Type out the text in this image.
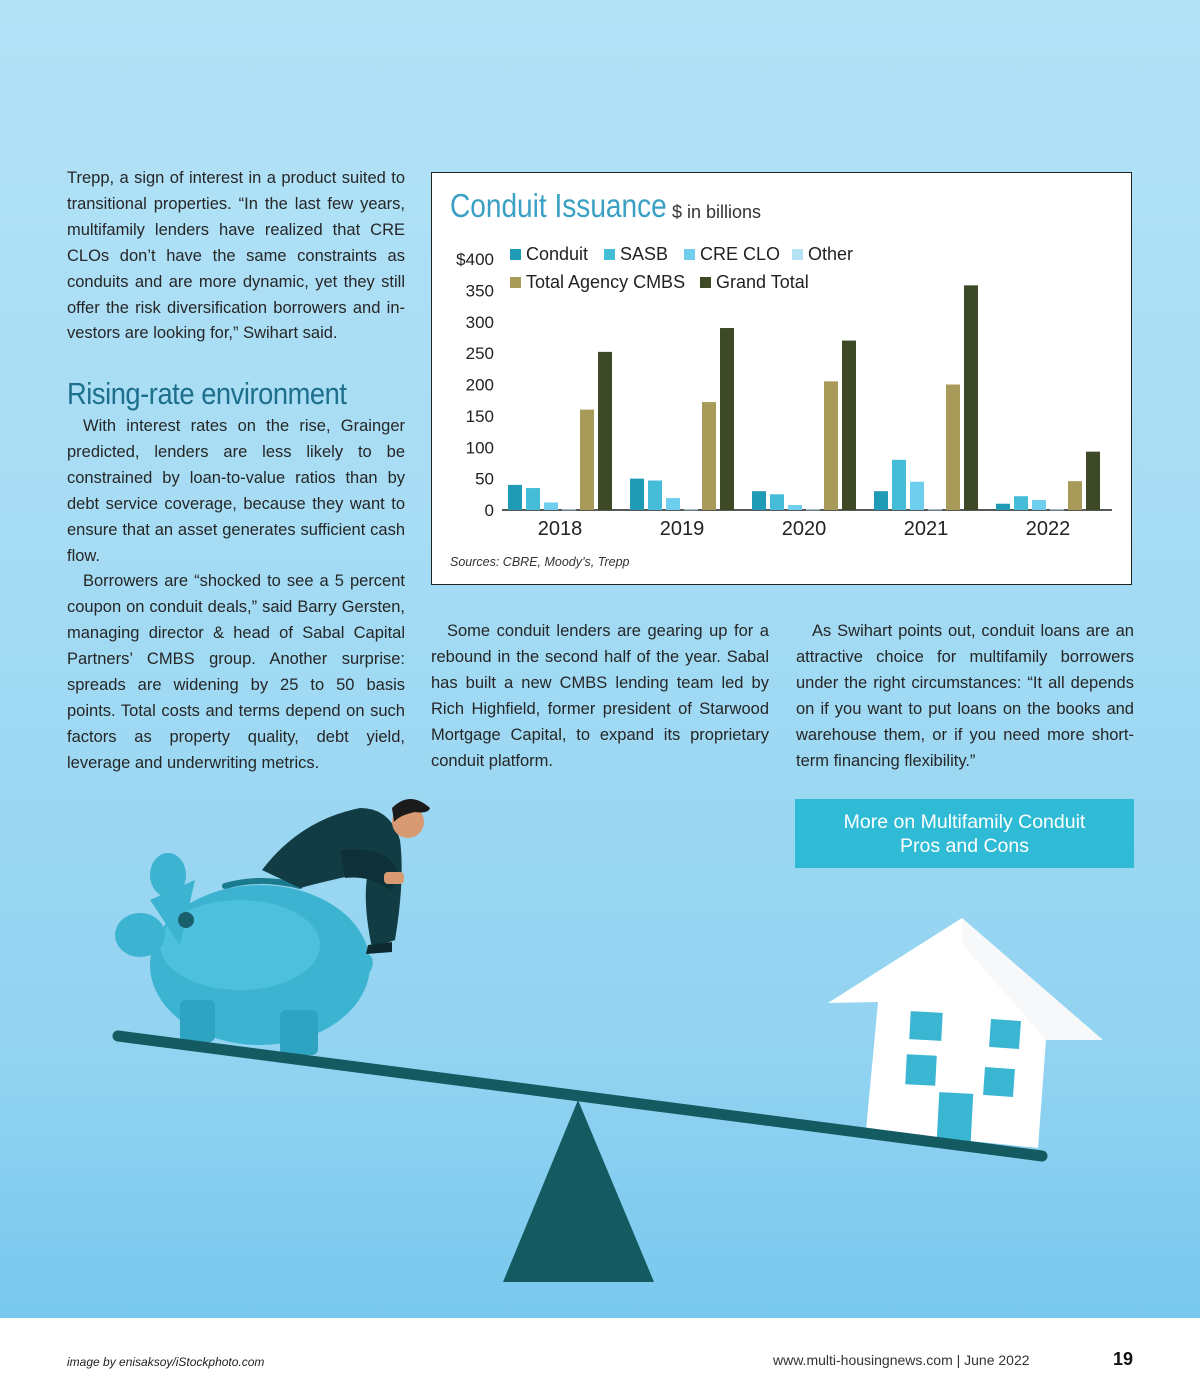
Trepp, a sign of interest in a product suited to transitional properties. “In the last few years, multifamily lenders have realized that CRE CLOs don’t have the same constraints as conduits and are more dynamic, yet they still offer the risk diversification borrowers and in-vestors are looking for,” Swihart said.

Rising-rate environment

With interest rates on the rise, Grainger predicted, lenders are less likely to be constrained by loan-to-value ratios than by debt service coverage, because they want to ensure that an asset generates sufficient cash flow.

Borrowers are “shocked to see a 5 percent coupon on conduit deals,” said Barry Gersten, managing director & head of Sabal Capital Partners’ CMBS group. Another surprise: spreads are widening by 25 to 50 basis points. Total costs and terms depend on such factors as property quality, debt yield, leverage and underwriting metrics.

Conduit Issuance $ in billions
$400
350
300
250
200
150
100
50
0
2018	2019	2020	2021	2022
Conduit SASB CRE CLO Other
Total Agency CMBS Grand Total
Sources: CBRE, Moody’s, Trepp

Some conduit lenders are gearing up for a rebound in the second half of the year. Sabal has built a new CMBS lending team led by Rich Highfield, former president of Starwood Mortgage Capital, to expand its proprietary conduit platform.

As Swihart points out, conduit loans are an attractive choice for multifamily borrowers under the right circumstances: “It all depends on if you want to put loans on the books and warehouse them, or if you need more short-term financing flexibility.”

More on Multifamily Conduit Pros and Cons
image by enisaksoy/iStockphoto.com	www.multi-housingnews.com | June 2022	19
